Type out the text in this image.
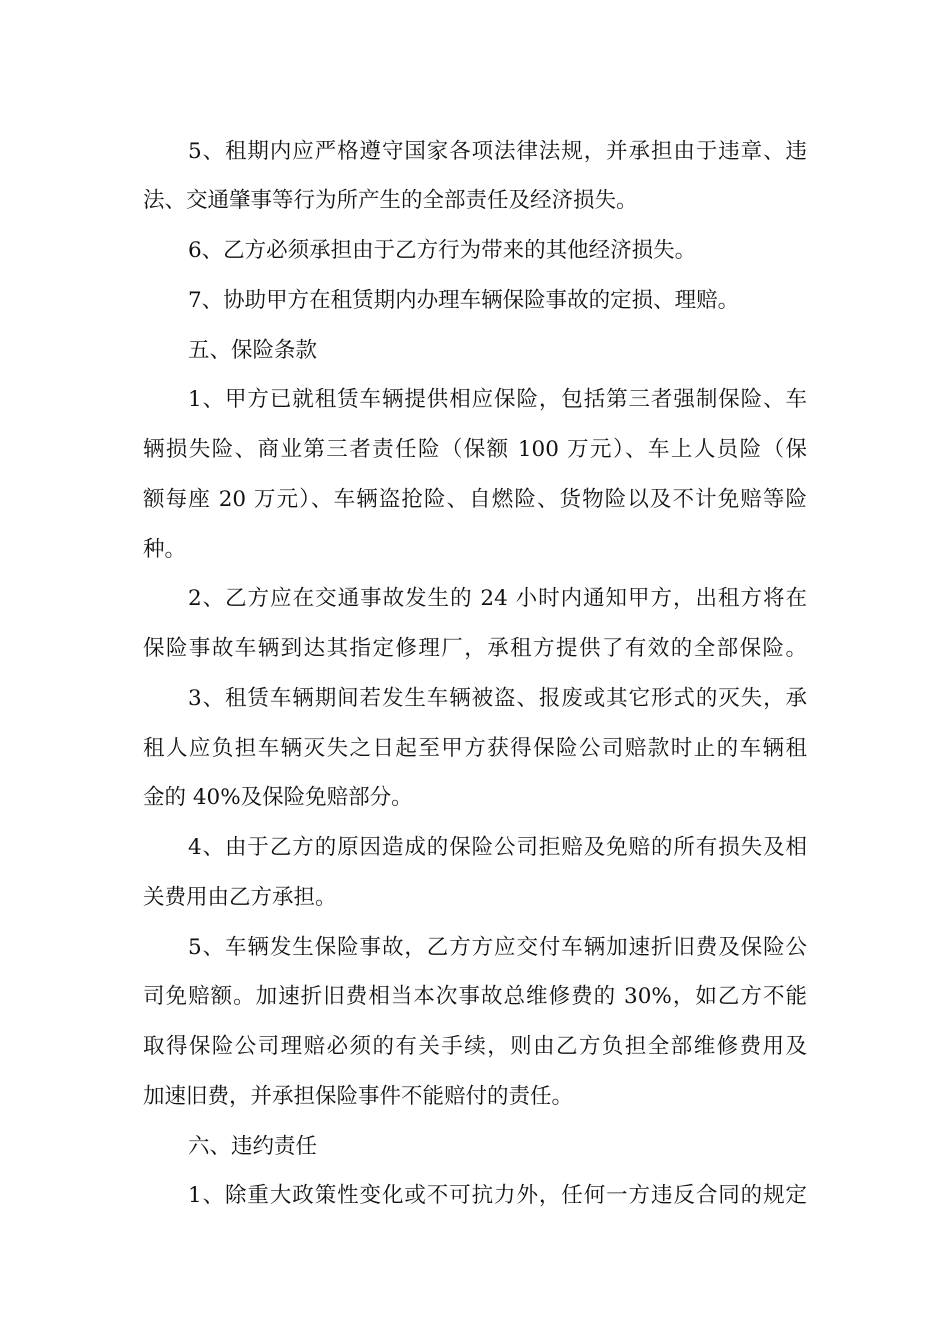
5、租期内应严格遵守国家各项法律法规，并承担由于违章、违
法、交通肇事等行为所产生的全部责任及经济损失。
6、乙方必须承担由于乙方行为带来的其他经济损失。
7、协助甲方在租赁期内办理车辆保险事故的定损、理赔。
五、保险条款
1、甲方已就租赁车辆提供相应保险，包括第三者强制保险、车
辆损失险、商业第三者责任险（保额 100 万元）、车上人员险（保
额每座 20 万元）、车辆盗抢险、自燃险、货物险以及不计免赔等险
种。
2、乙方应在交通事故发生的 24 小时内通知甲方，出租方将在
保险事故车辆到达其指定修理厂，承租方提供了有效的全部保险。
3、租赁车辆期间若发生车辆被盗、报废或其它形式的灭失，承
租人应负担车辆灭失之日起至甲方获得保险公司赔款时止的车辆租
金的 40%及保险免赔部分。
4、由于乙方的原因造成的保险公司拒赔及免赔的所有损失及相
关费用由乙方承担。
5、车辆发生保险事故，乙方方应交付车辆加速折旧费及保险公
司免赔额。加速折旧费相当本次事故总维修费的 30%，如乙方不能
取得保险公司理赔必须的有关手续，则由乙方负担全部维修费用及
加速旧费，并承担保险事件不能赔付的责任。
六、违约责任
1、除重大政策性变化或不可抗力外，任何一方违反合同的规定
